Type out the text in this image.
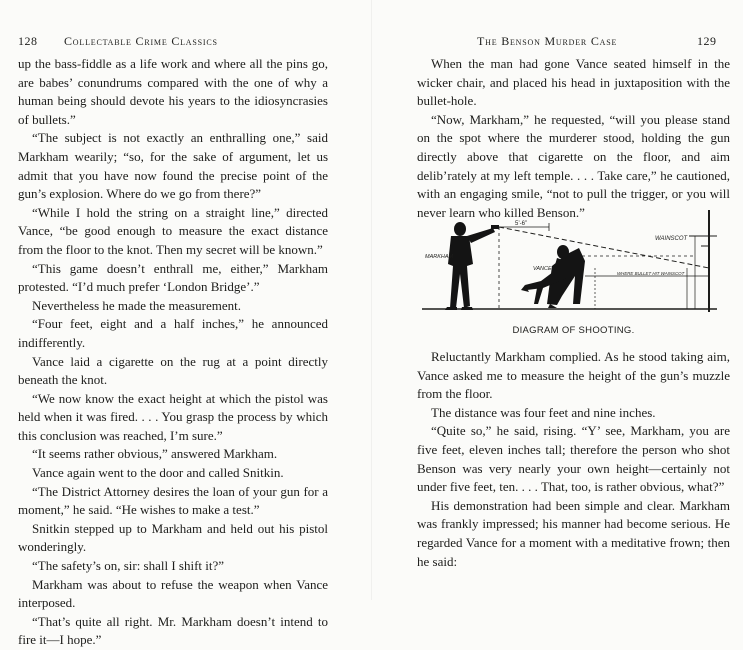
128 Collectable Crime Classics

up the bass-fiddle as a life work and where all the pins go, are babes’ conundrums compared with the one of why a human being should devote his years to the idiosyncrasies of bullets.”

“The subject is not exactly an enthralling one,” said Markham wearily; “so, for the sake of argument, let us admit that you have now found the precise point of the gun’s explosion. Where do we go from there?”

“While I hold the string on a straight line,” directed Vance, “be good enough to measure the exact distance from the floor to the knot. Then my secret will be known.”

“This game doesn’t enthrall me, either,” Markham protested. “I’d much prefer ‘London Bridge’.”

Nevertheless he made the measurement.

“Four feet, eight and a half inches,” he announced indifferently.

Vance laid a cigarette on the rug at a point directly beneath the knot.

“We now know the exact height at which the pistol was held when it was fired. . . . You grasp the process by which this conclusion was reached, I’m sure.”

“It seems rather obvious,” answered Markham.

Vance again went to the door and called Snitkin.

“The District Attorney desires the loan of your gun for a moment,” he said. “He wishes to make a test.”

Snitkin stepped up to Markham and held out his pistol wonderingly.

“The safety’s on, sir: shall I shift it?”

Markham was about to refuse the weapon when Vance interposed.

“That’s quite all right. Mr. Markham doesn’t intend to fire it—I hope.”

The Benson Murder Case	129

When the man had gone Vance seated himself in the wicker chair, and placed his head in juxtaposition with the bullet-hole.

“Now, Markham,” he requested, “will you please stand on the spot where the murderer stood, holding the gun directly above that cigarette on the floor, and aim delib’rately at my left temple. . . . Take care,” he cautioned, with an engaging smile, “not to pull the trigger, or you will never learn who killed Benson.”

WAINSCOT
MARKHAM
VANCE
5’-6”
WHERE BULLET HIT WAINSCOT
DIAGRAM OF SHOOTING.

Reluctantly Markham complied. As he stood taking aim, Vance asked me to measure the height of the gun’s muzzle from the floor.

The distance was four feet and nine inches.

“Quite so,” he said, rising. “Y’ see, Markham, you are five feet, eleven inches tall; therefore the person who shot Benson was very nearly your own height—certainly not under five feet, ten. . . . That, too, is rather obvious, what?”

His demonstration had been simple and clear. Markham was frankly impressed; his manner had become serious. He regarded Vance for a moment with a meditative frown; then he said:
